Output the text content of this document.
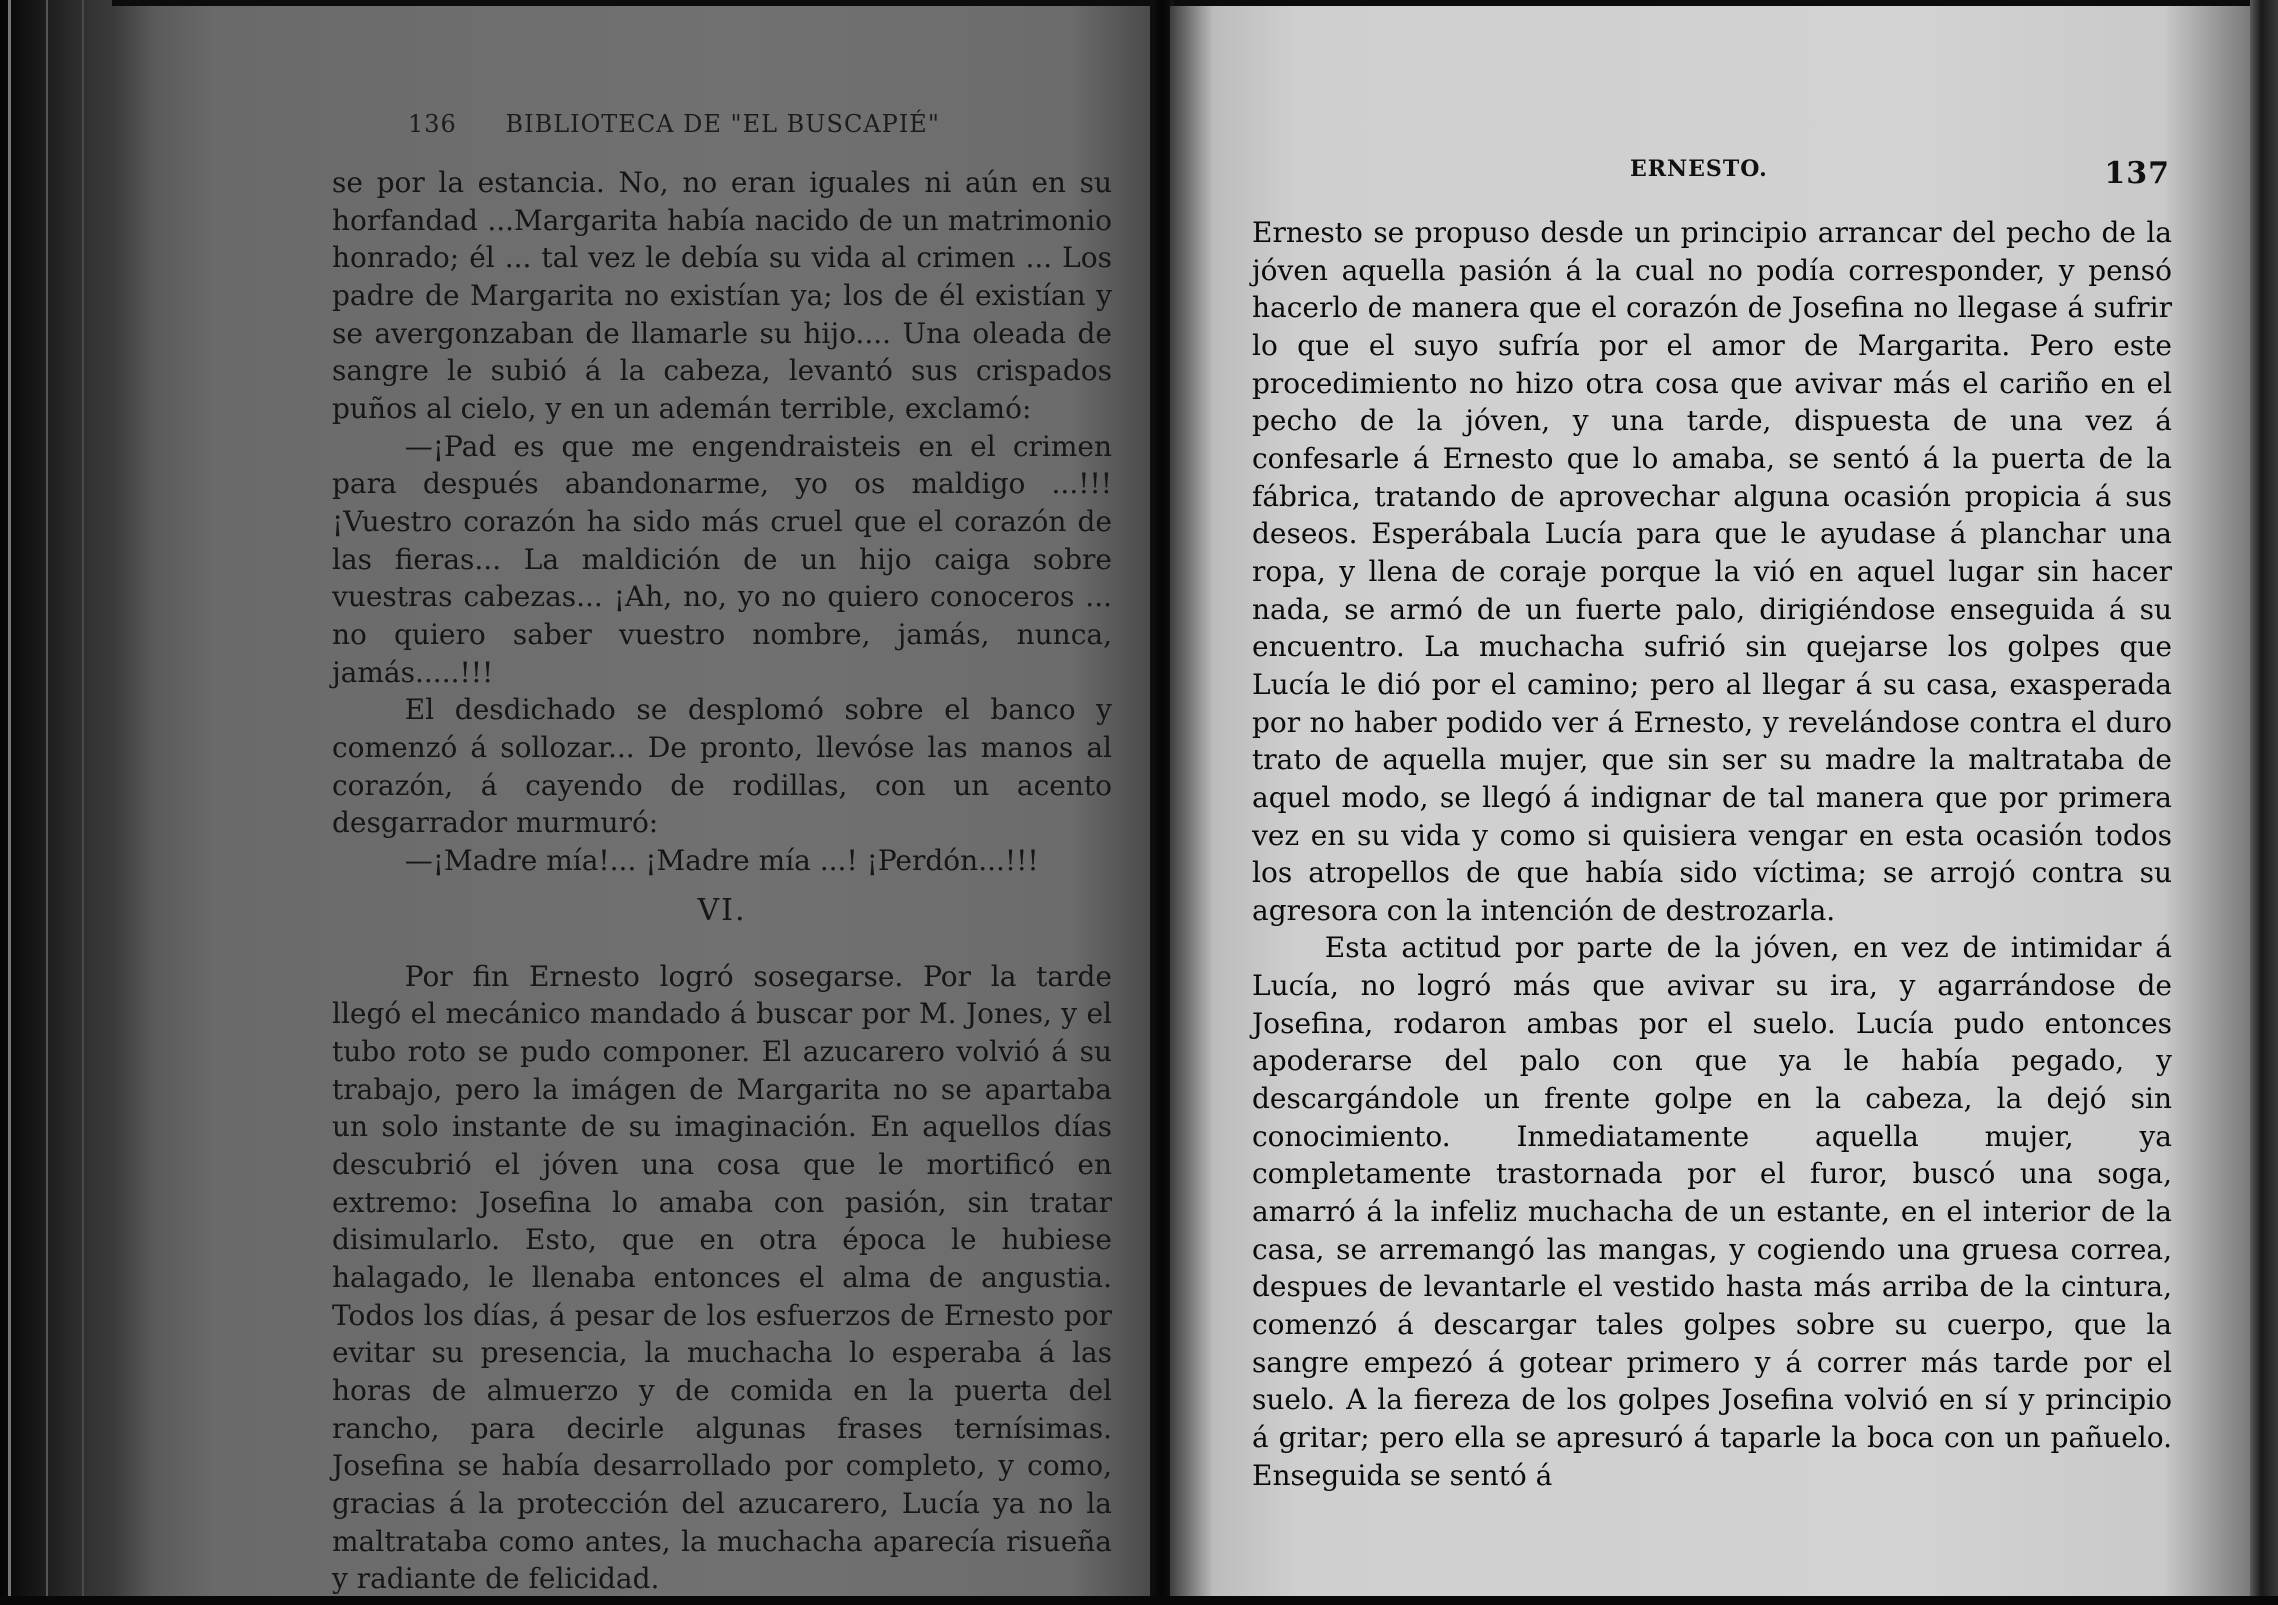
136 BIBLIOTECA DE "EL BUSCAPIÉ"

se por la estancia. No, no eran iguales ni aún en su horfandad ...Margarita había nacido de un matrimonio honrado; él ... tal vez le debía su vida al crimen ... Los padre de Margarita no existían ya; los de él existían y se avergonzaban de llamarle su hijo.... Una oleada de sangre le subió á la cabeza, levantó sus crispados puños al cielo, y en un ademán terrible, exclamó:

—¡Pad es que me engendraisteis en el crimen para después abandonarme, yo os maldigo ...!!! ¡Vuestro corazón ha sido más cruel que el corazón de las fieras... La maldición de un hijo caiga sobre vuestras cabezas... ¡Ah, no, yo no quiero conoceros ... no quiero saber vuestro nombre, jamás, nunca, jamás.....!!!

El desdichado se desplomó sobre el banco y comenzó á sollozar... De pronto, llevóse las manos al corazón, á cayendo de rodillas, con un acento desgarrador murmuró:

—¡Madre mía!... ¡Madre mía ...! ¡Perdón...!!!

VI.

Por fin Ernesto logró sosegarse. Por la tarde llegó el mecánico mandado á buscar por M. Jones, y el tubo roto se pudo componer. El azucarero volvió á su trabajo, pero la imágen de Margarita no se apartaba un solo instante de su imaginación. En aquellos días descubrió el jóven una cosa que le mortificó en extremo: Josefina lo amaba con pasión, sin tratar disimularlo. Esto, que en otra época le hubiese halagado, le llenaba entonces el alma de angustia. Todos los días, á pesar de los esfuerzos de Ernesto por evitar su presencia, la muchacha lo esperaba á las horas de almuerzo y de comida en la puerta del rancho, para decirle algunas frases ternísimas. Josefina se había desarrollado por completo, y como, gracias á la protección del azucarero, Lucía ya no la maltrataba como antes, la muchacha aparecía risueña y radiante de felicidad.

ERNESTO.	137

Ernesto se propuso desde un principio arrancar del pecho de la jóven aquella pasión á la cual no podía corresponder, y pensó hacerlo de manera que el corazón de Josefina no llegase á sufrir lo que el suyo sufría por el amor de Margarita. Pero este procedimiento no hizo otra cosa que avivar más el cariño en el pecho de la jóven, y una tarde, dispuesta de una vez á confesarle á Ernesto que lo amaba, se sentó á la puerta de la fábrica, tratando de aprovechar alguna ocasión propicia á sus deseos. Esperábala Lucía para que le ayudase á planchar una ropa, y llena de coraje porque la vió en aquel lugar sin hacer nada, se armó de un fuerte palo, dirigiéndose enseguida á su encuentro. La muchacha sufrió sin quejarse los golpes que Lucía le dió por el camino; pero al llegar á su casa, exasperada por no haber podido ver á Ernesto, y revelándose contra el duro trato de aquella mujer, que sin ser su madre la maltrataba de aquel modo, se llegó á indignar de tal manera que por primera vez en su vida y como si quisiera vengar en esta ocasión todos los atropellos de que había sido víctima; se arrojó contra su agresora con la intención de destrozarla.

Esta actitud por parte de la jóven, en vez de intimidar á Lucía, no logró más que avivar su ira, y agarrándose de Josefina, rodaron ambas por el suelo. Lucía pudo entonces apoderarse del palo con que ya le había pegado, y descargándole un frente golpe en la cabeza, la dejó sin conocimiento. Inmediatamente aquella mujer, ya completamente trastornada por el furor, buscó una soga, amarró á la infeliz muchacha de un estante, en el interior de la casa, se arremangó las mangas, y cogiendo una gruesa correa, despues de levantarle el vestido hasta más arriba de la cintura, comenzó á descargar tales golpes sobre su cuerpo, que la sangre empezó á gotear primero y á correr más tarde por el suelo. A la fiereza de los golpes Josefina volvió en sí y principio á gritar; pero ella se apresuró á taparle la boca con un pañuelo. Enseguida se sentó á
